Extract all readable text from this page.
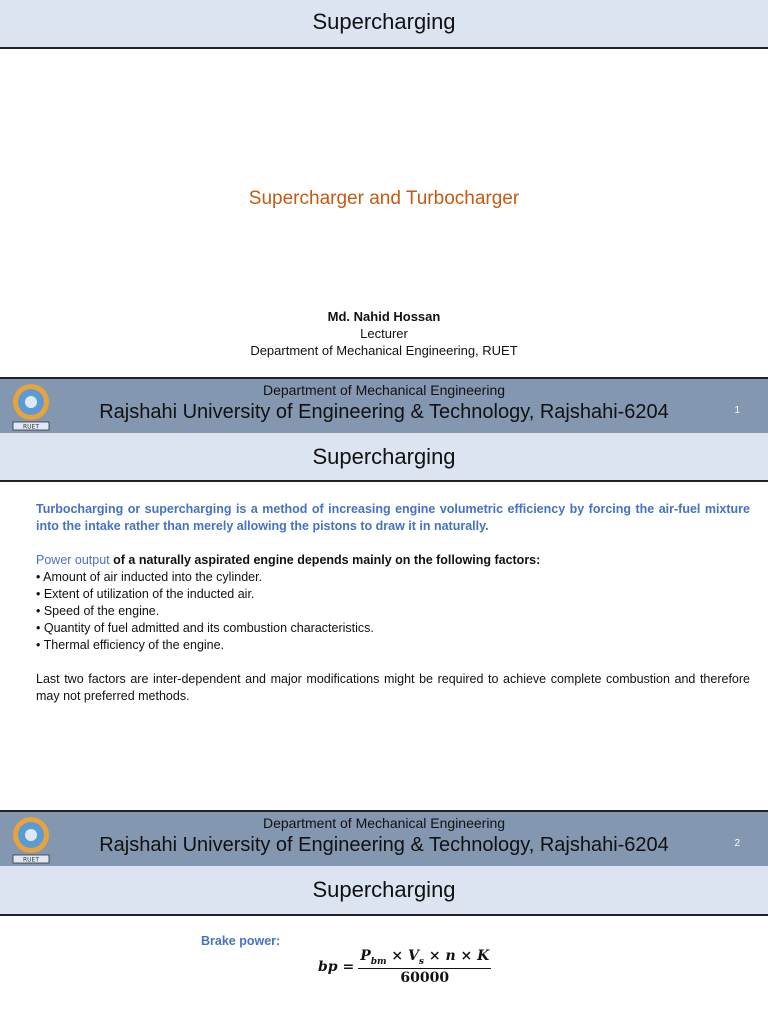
Supercharging
Supercharger and Turbocharger
Md. Nahid Hossan
Lecturer
Department of Mechanical Engineering, RUET
RUET
Department of Mechanical Engineering
Rajshahi University of Engineering & Technology, Rajshahi-6204	1
Supercharging

Turbocharging or supercharging is a method of increasing engine volumetric efficiency by forcing the air-fuel mixture into the intake rather than merely allowing the pistons to draw it in naturally.

Power output of a naturally aspirated engine depends mainly on the following factors:

• Amount of air inducted into the cylinder.

• Extent of utilization of the inducted air.

• Speed of the engine.

• Quantity of fuel admitted and its combustion characteristics.

• Thermal efficiency of the engine.

Last two factors are inter-dependent and major modifications might be required to achieve complete combustion and therefore may not preferred methods.

RUET
Department of Mechanical Engineering
Rajshahi University of Engineering & Technology, Rajshahi-6204	2
Supercharging
Brake power:
bp = $\frac{P_{bm} \times V_s \times n \times K}{60000}$
